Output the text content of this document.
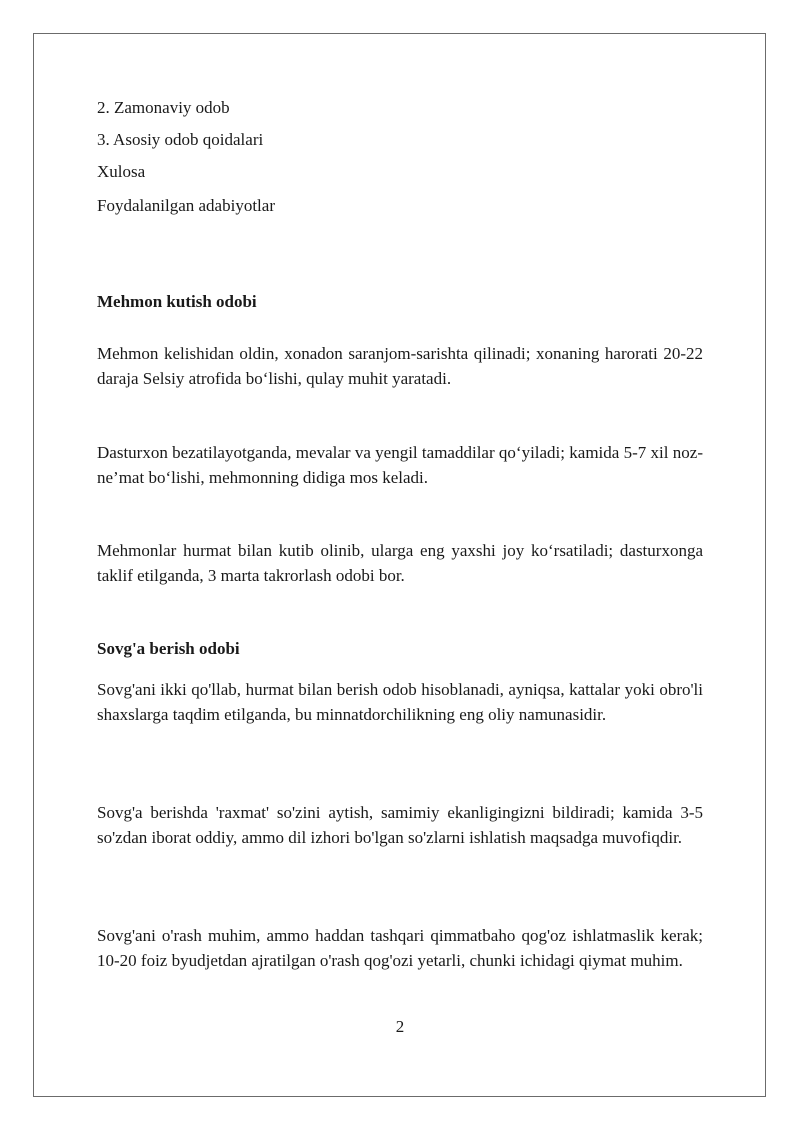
2. Zamonaviy odob
3. Asosiy odob qoidalari
Xulosa
Foydalanilgan adabiyotlar
Mehmon kutish odobi
Mehmon kelishidan oldin, xonadon saranjom-sarishta qilinadi; xonaning harorati 20-22 daraja Selsiy atrofida bo‘lishi, qulay muhit yaratadi.
Dasturxon bezatilayotganda, mevalar va yengil tamaddilar qo‘yiladi; kamida 5-7 xil noz-ne’mat bo‘lishi, mehmonning didiga mos keladi.
Mehmonlar hurmat bilan kutib olinib, ularga eng yaxshi joy ko‘rsatiladi; dasturxonga taklif etilganda, 3 marta takrorlash odobi bor.
Sovg'a berish odobi
Sovg'ani ikki qo'llab, hurmat bilan berish odob hisoblanadi, ayniqsa, kattalar yoki obro'li shaxslarga taqdim etilganda, bu minnatdorchilikning eng oliy namunasidir.
Sovg'a berishda 'raxmat' so'zini aytish, samimiy ekanligingizni bildiradi; kamida 3-5 so'zdan iborat oddiy, ammo dil izhori bo'lgan so'zlarni ishlatish maqsadga muvofiqdir.
Sovg'ani o'rash muhim, ammo haddan tashqari qimmatbaho qog'oz ishlatmaslik kerak; 10-20 foiz byudjetdan ajratilgan o'rash qog'ozi yetarli, chunki ichidagi qiymat muhim.
2
